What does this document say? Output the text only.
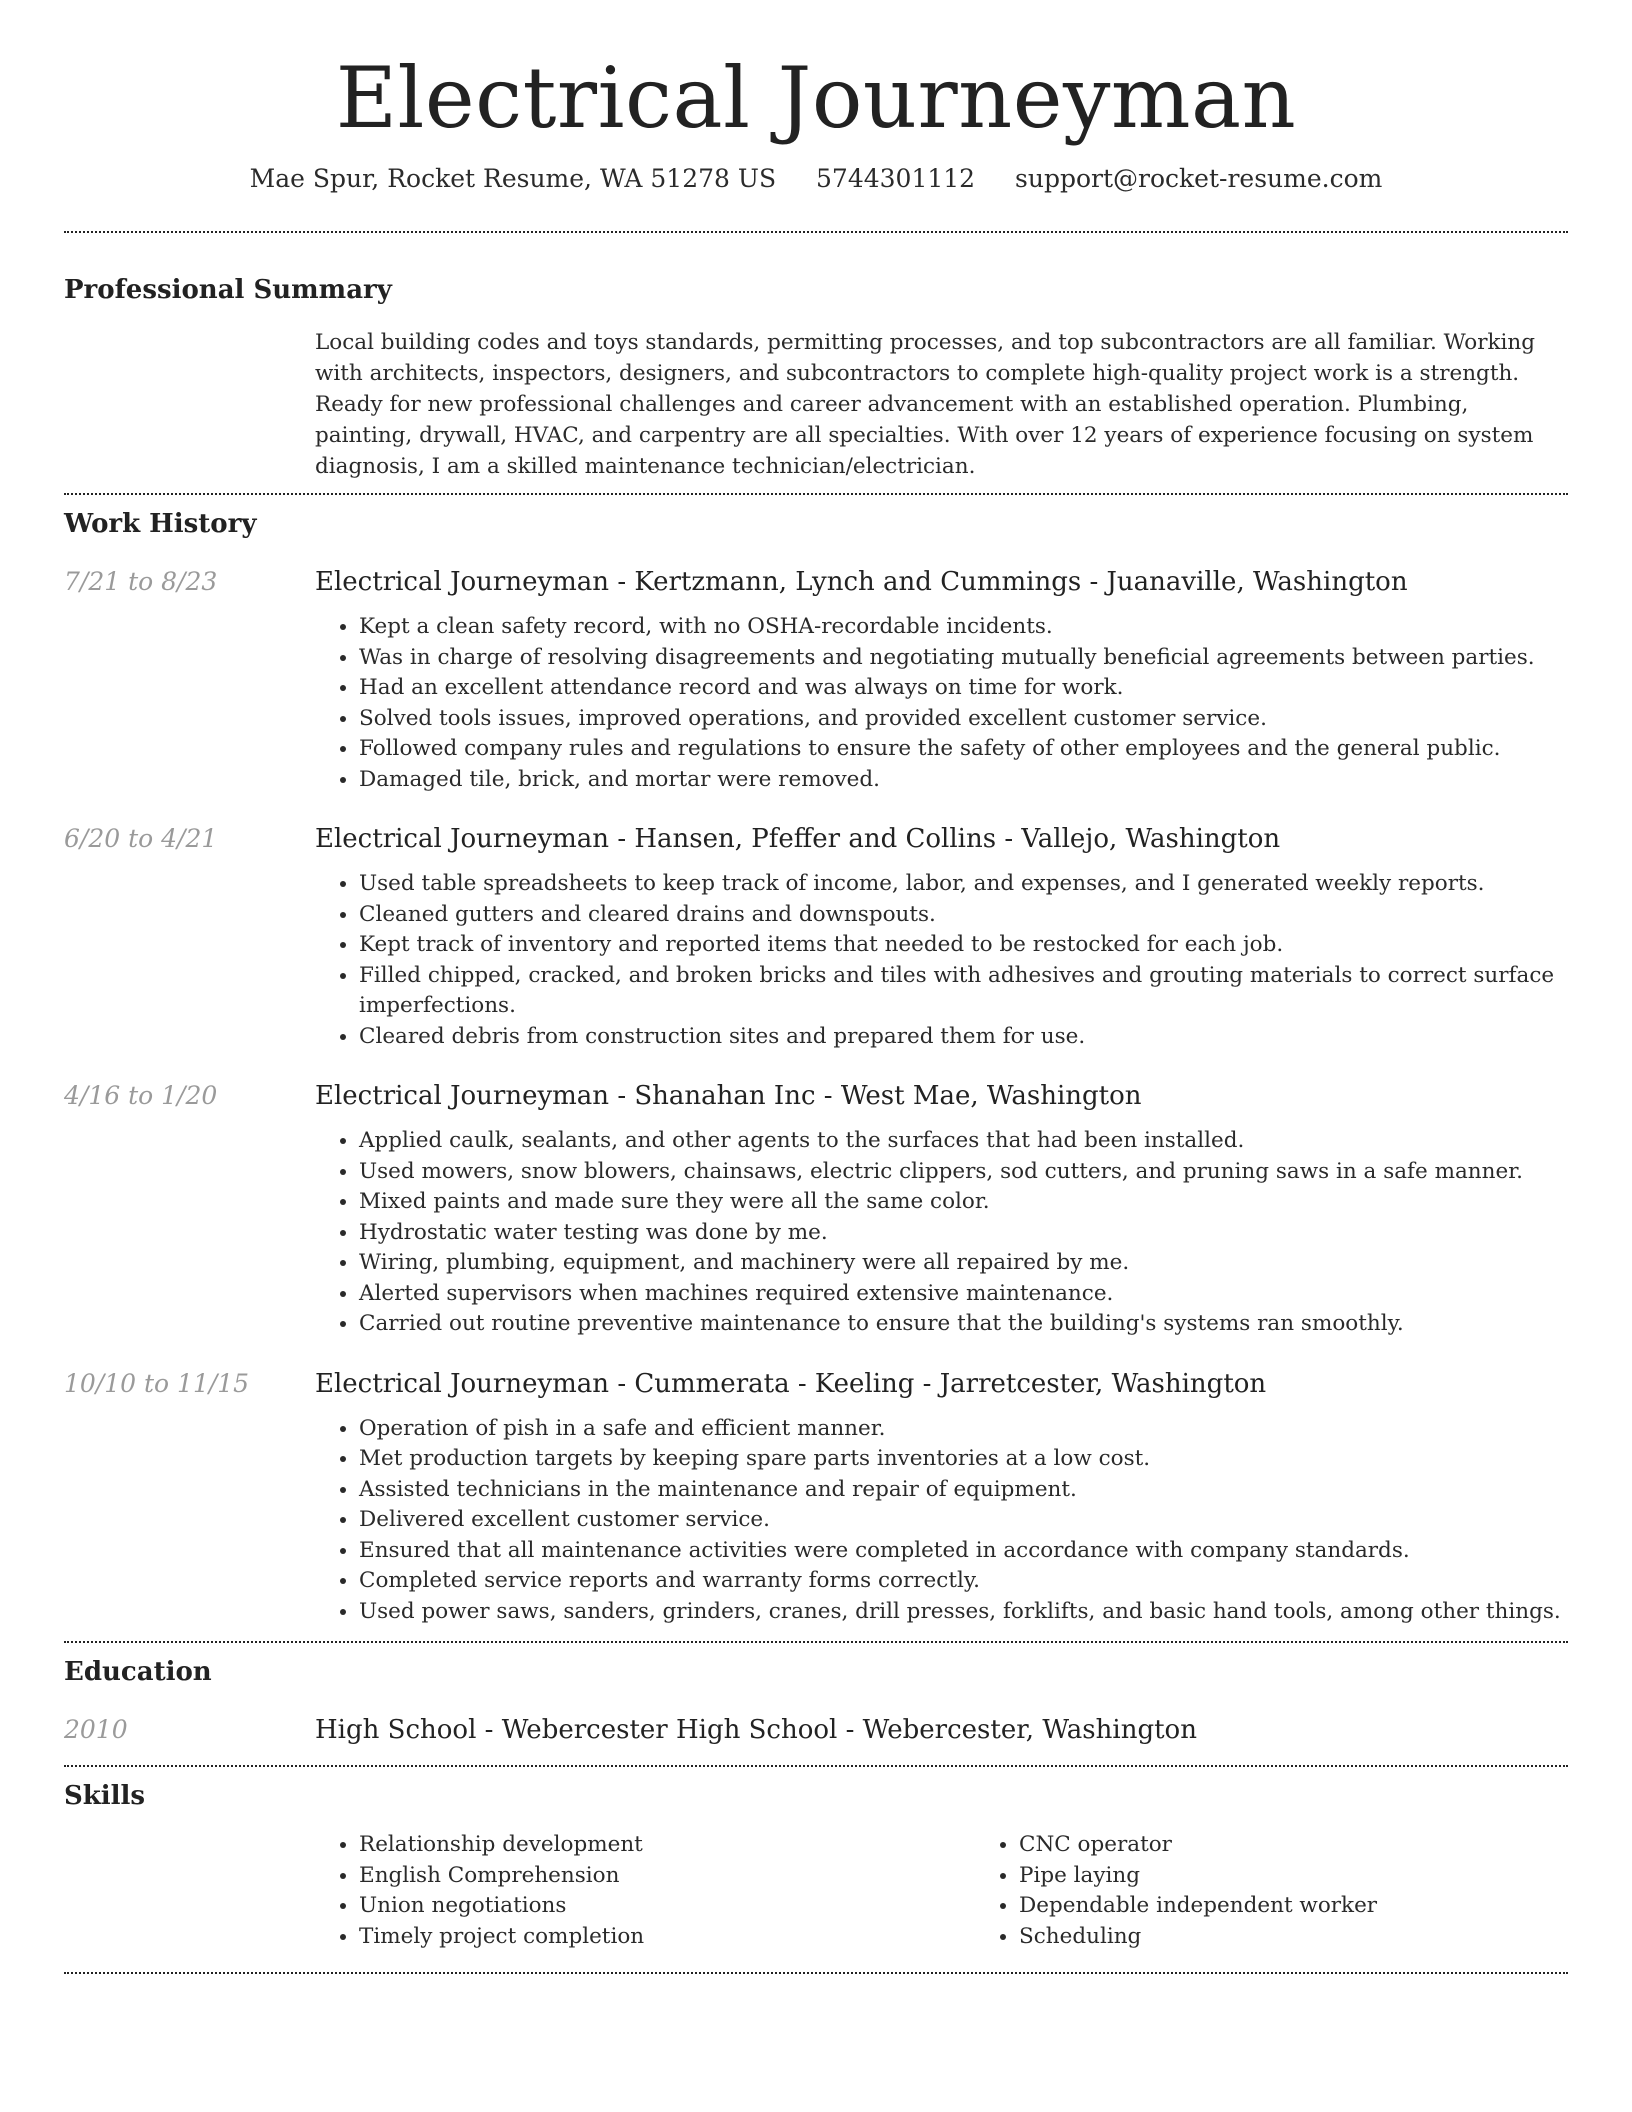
Electrical Journeyman
Mae Spur, Rocket Resume, WA 51278 US 5744301112 support@rocket-resume.com
Professional Summary
Local building codes and toys standards, permitting processes, and top subcontractors are all familiar. Working with architects, inspectors, designers, and subcontractors to complete high-quality project work is a strength. Ready for new professional challenges and career advancement with an established operation. Plumbing, painting, drywall, HVAC, and carpentry are all specialties. With over 12 years of experience focusing on system diagnosis, I am a skilled maintenance technician/electrician.
Work History
7/21 to 8/23	Electrical Journeyman - Kertzmann, Lynch and Cummings - Juanaville, Washington
• Kept a clean safety record, with no OSHA-recordable incidents.
• Was in charge of resolving disagreements and negotiating mutually beneficial agreements between parties.
• Had an excellent attendance record and was always on time for work.
• Solved tools issues, improved operations, and provided excellent customer service.
• Followed company rules and regulations to ensure the safety of other employees and the general public.
• Damaged tile, brick, and mortar were removed.
6/20 to 4/21	Electrical Journeyman - Hansen, Pfeffer and Collins - Vallejo, Washington
• Used table spreadsheets to keep track of income, labor, and expenses, and I generated weekly reports.
• Cleaned gutters and cleared drains and downspouts.
• Kept track of inventory and reported items that needed to be restocked for each job.
• Filled chipped, cracked, and broken bricks and tiles with adhesives and grouting materials to correct surface imperfections.
• Cleared debris from construction sites and prepared them for use.
4/16 to 1/20	Electrical Journeyman - Shanahan Inc - West Mae, Washington
• Applied caulk, sealants, and other agents to the surfaces that had been installed.
• Used mowers, snow blowers, chainsaws, electric clippers, sod cutters, and pruning saws in a safe manner.
• Mixed paints and made sure they were all the same color.
• Hydrostatic water testing was done by me.
• Wiring, plumbing, equipment, and machinery were all repaired by me.
• Alerted supervisors when machines required extensive maintenance.
• Carried out routine preventive maintenance to ensure that the building's systems ran smoothly.
10/10 to 11/15	Electrical Journeyman - Cummerata - Keeling - Jarretcester, Washington
• Operation of pish in a safe and efficient manner.
• Met production targets by keeping spare parts inventories at a low cost.
• Assisted technicians in the maintenance and repair of equipment.
• Delivered excellent customer service.
• Ensured that all maintenance activities were completed in accordance with company standards.
• Completed service reports and warranty forms correctly.
• Used power saws, sanders, grinders, cranes, drill presses, forklifts, and basic hand tools, among other things.
Education
2010	High School - Webercester High School - Webercester, Washington
Skills
• Relationship development
• English Comprehension
• Union negotiations
• Timely project completion
• CNC operator
• Pipe laying
• Dependable independent worker
• Scheduling
